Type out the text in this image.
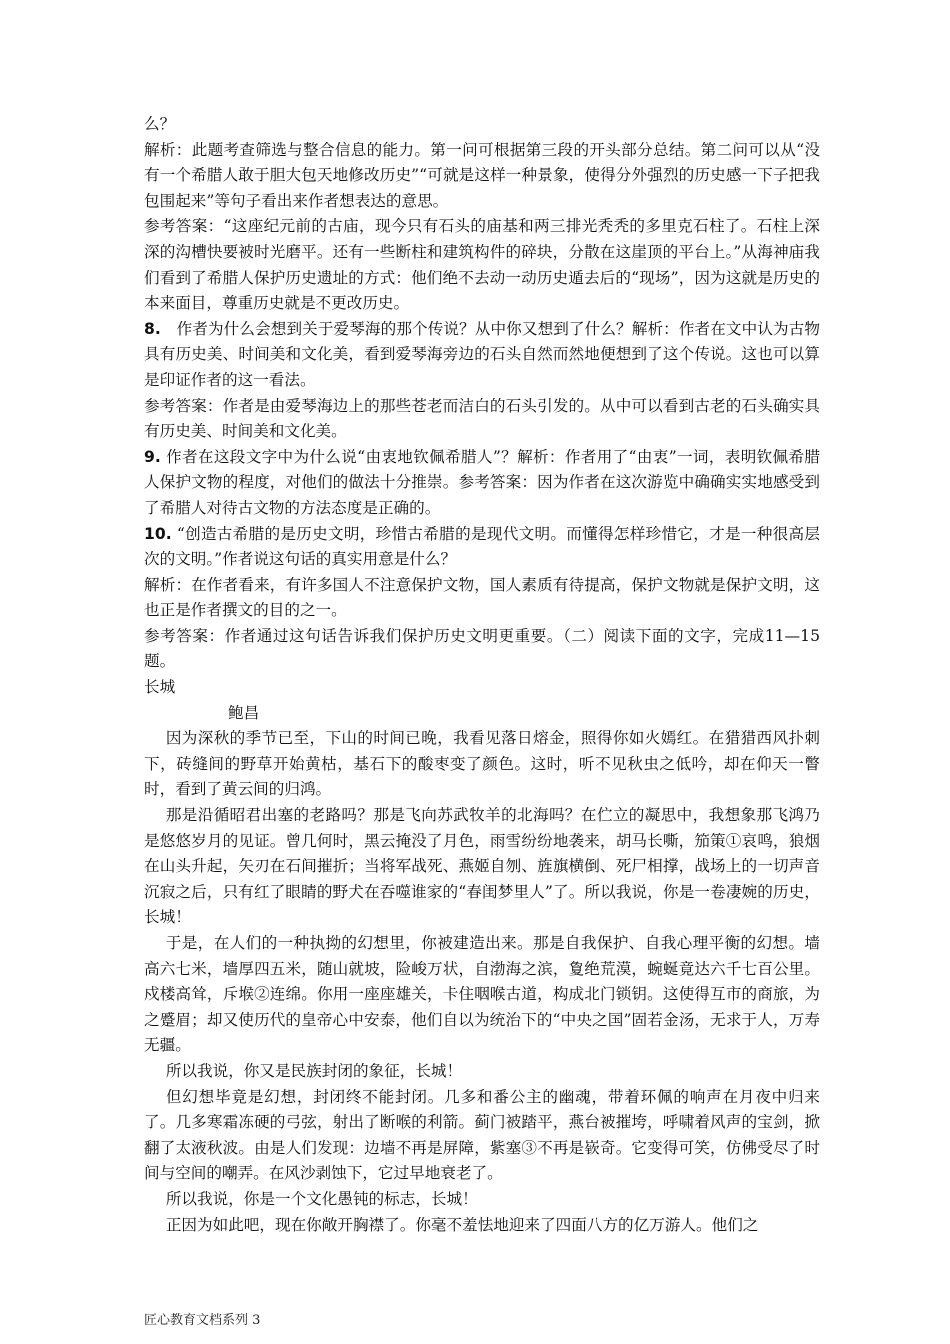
么？

解析：此题考查筛选与整合信息的能力。第一问可根据第三段的开头部分总结。第二问可以从“没有一个希腊人敢于胆大包天地修改历史”“可就是这样一种景象，使得分外强烈的历史感一下子把我包围起来”等句子看出来作者想表达的意思。

参考答案：“这座纪元前的古庙，现今只有石头的庙基和两三排光秃秃的多里克石柱了。石柱上深深的沟槽快要被时光磨平。还有一些断柱和建筑构件的碎块，分散在这崖顶的平台上。”从海神庙我们看到了希腊人保护历史遗址的方式：他们绝不去动一动历史遁去后的“现场”，因为这就是历史的本来面目，尊重历史就是不更改历史。

8.　作者为什么会想到关于爱琴海的那个传说？从中你又想到了什么？解析：作者在文中认为古物具有历史美、时间美和文化美，看到爱琴海旁边的石头自然而然地便想到了这个传说。这也可以算是印证作者的这一看法。

参考答案：作者是由爱琴海边上的那些苍老而洁白的石头引发的。从中可以看到古老的石头确实具有历史美、时间美和文化美。

9. 作者在这段文字中为什么说“由衷地钦佩希腊人”？解析：作者用了“由衷”一词，表明钦佩希腊人保护文物的程度，对他们的做法十分推崇。参考答案：因为作者在这次游览中确确实实地感受到了希腊人对待古文物的方法态度是正确的。

10. “创造古希腊的是历史文明，珍惜古希腊的是现代文明。而懂得怎样珍惜它，才是一种很高层次的文明。”作者说这句话的真实用意是什么？

解析：在作者看来，有许多国人不注意保护文物，国人素质有待提高，保护文物就是保护文明，这也正是作者撰文的目的之一。

参考答案：作者通过这句话告诉我们保护历史文明更重要。（二）阅读下面的文字，完成11—15题。

长城

鲍昌

因为深秋的季节已至，下山的时间已晚，我看见落日熔金，照得你如火嫣红。在猎猎西风扑刺下，砖缝间的野草开始黄枯，基石下的酸枣变了颜色。这时，听不见秋虫之低吟，却在仰天一瞥时，看到了黄云间的归鸿。

那是沿循昭君出塞的老路吗？那是飞向苏武牧羊的北海吗？在伫立的凝思中，我想象那飞鸿乃是悠悠岁月的见证。曾几何时，黑云掩没了月色，雨雪纷纷地袭来，胡马长嘶，笳策①哀鸣，狼烟在山头升起，矢刃在石间摧折；当将军战死、燕姬自刎、旌旗横倒、死尸相撑，战场上的一切声音沉寂之后，只有红了眼睛的野犬在吞噬谁家的“春闺梦里人”了。所以我说，你是一卷凄婉的历史，长城！

于是，在人们的一种执拗的幻想里，你被建造出来。那是自我保护、自我心理平衡的幻想。墙高六七米，墙厚四五米，随山就坡，险峻万状，自渤海之滨，夐绝荒漠，蜿蜒竟达六千七百公里。戍楼高耸，斥堠②连绵。你用一座座雄关，卡住咽喉古道，构成北门锁钥。这使得互市的商旅，为之蹙眉；却又使历代的皇帝心中安泰，他们自以为统治下的“中央之国”固若金汤，无求于人，万寿无疆。

所以我说，你又是民族封闭的象征，长城！

但幻想毕竟是幻想，封闭终不能封闭。几多和番公主的幽魂，带着环佩的响声在月夜中归来了。几多寒霜冻硬的弓弦，射出了断喉的利箭。蓟门被踏平，燕台被摧垮，呼啸着风声的宝剑，掀翻了太液秋波。由是人们发现：边墙不再是屏障，紫塞③不再是嵚奇。它变得可笑，仿佛受尽了时间与空间的嘲弄。在风沙剥蚀下，它过早地衰老了。

所以我说，你是一个文化愚钝的标志，长城！

正因为如此吧，现在你敞开胸襟了。你毫不羞怯地迎来了四面八方的亿万游人。他们之

匠心教育文档系列 3
